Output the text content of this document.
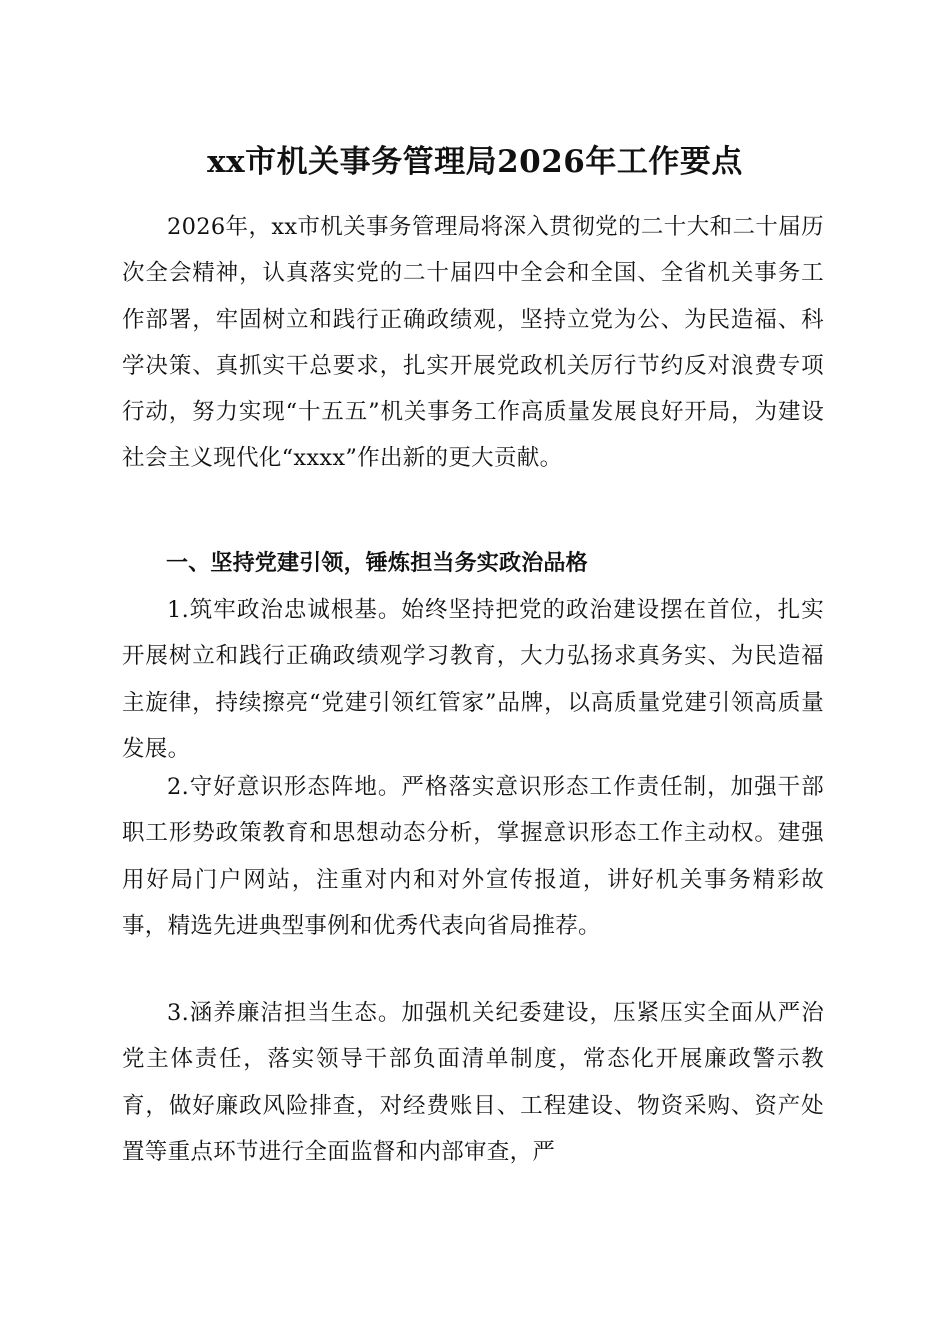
xx市机关事务管理局2026年工作要点

2026年，xx市机关事务管理局将深入贯彻党的二十大和二十届历次全会精神，认真落实党的二十届四中全会和全国、全省机关事务工作部署，牢固树立和践行正确政绩观，坚持立党为公、为民造福、科学决策、真抓实干总要求，扎实开展党政机关厉行节约反对浪费专项行动，努力实现“十五五”机关事务工作高质量发展良好开局，为建设社会主义现代化“xxxx”作出新的更大贡献。

一、坚持党建引领，锤炼担当务实政治品格

1.筑牢政治忠诚根基。始终坚持把党的政治建设摆在首位，扎实开展树立和践行正确政绩观学习教育，大力弘扬求真务实、为民造福主旋律，持续擦亮“党建引领红管家”品牌，以高质量党建引领高质量发展。

2.守好意识形态阵地。严格落实意识形态工作责任制，加强干部职工形势政策教育和思想动态分析，掌握意识形态工作主动权。建强用好局门户网站，注重对内和对外宣传报道，讲好机关事务精彩故事，精选先进典型事例和优秀代表向省局推荐。

3.涵养廉洁担当生态。加强机关纪委建设，压紧压实全面从严治党主体责任，落实领导干部负面清单制度，常态化开展廉政警示教育，做好廉政风险排查，对经费账目、工程建设、物资采购、资产处置等重点环节进行全面监督和内部审查，严
